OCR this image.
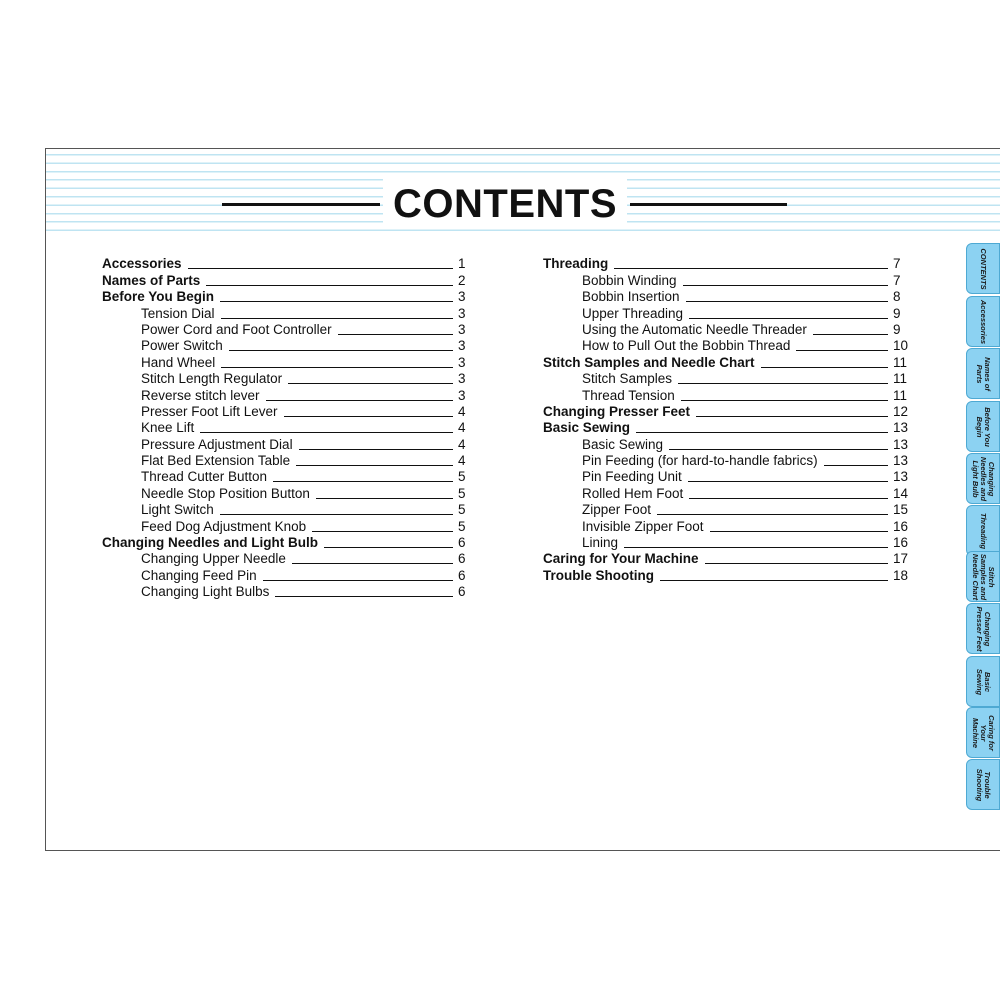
CONTENTS
Accessories	1
Names of Parts	2
Before You Begin	3
Tension Dial	3
Power Cord and Foot Controller	3
Power Switch	3
Hand Wheel	3
Stitch Length Regulator	3
Reverse stitch lever	3
Presser Foot Lift Lever	4
Knee Lift	4
Pressure Adjustment Dial	4
Flat Bed Extension Table	4
Thread Cutter Button	5
Needle Stop Position Button	5
Light Switch	5
Feed Dog Adjustment Knob	5
Changing Needles and Light Bulb	6
Changing Upper Needle	6
Changing Feed Pin	6
Changing Light Bulbs	6
Threading	7
Bobbin Winding	7
Bobbin Insertion	8
Upper Threading	9
Using the Automatic Needle Threader	9
How to Pull Out the Bobbin Thread	10
Stitch Samples and Needle Chart	11
Stitch Samples	11
Thread Tension	11
Changing Presser Feet	12
Basic Sewing	13
Basic Sewing	13
Pin Feeding (for hard-to-handle fabrics)	13
Pin Feeding Unit	13
Rolled Hem Foot	14
Zipper Foot	15
Invisible Zipper Foot	16
Lining	16
Caring for Your Machine	17
Trouble Shooting	18
CONTENTS
Accessories
Names of Parts
Before You Begin
Changing Needles and Light Bulb
Threading
Stitch Samples and Needle Chart
Changing Presser Feet
Basic Sewing
Caring for Your Machine
Trouble Shooting
